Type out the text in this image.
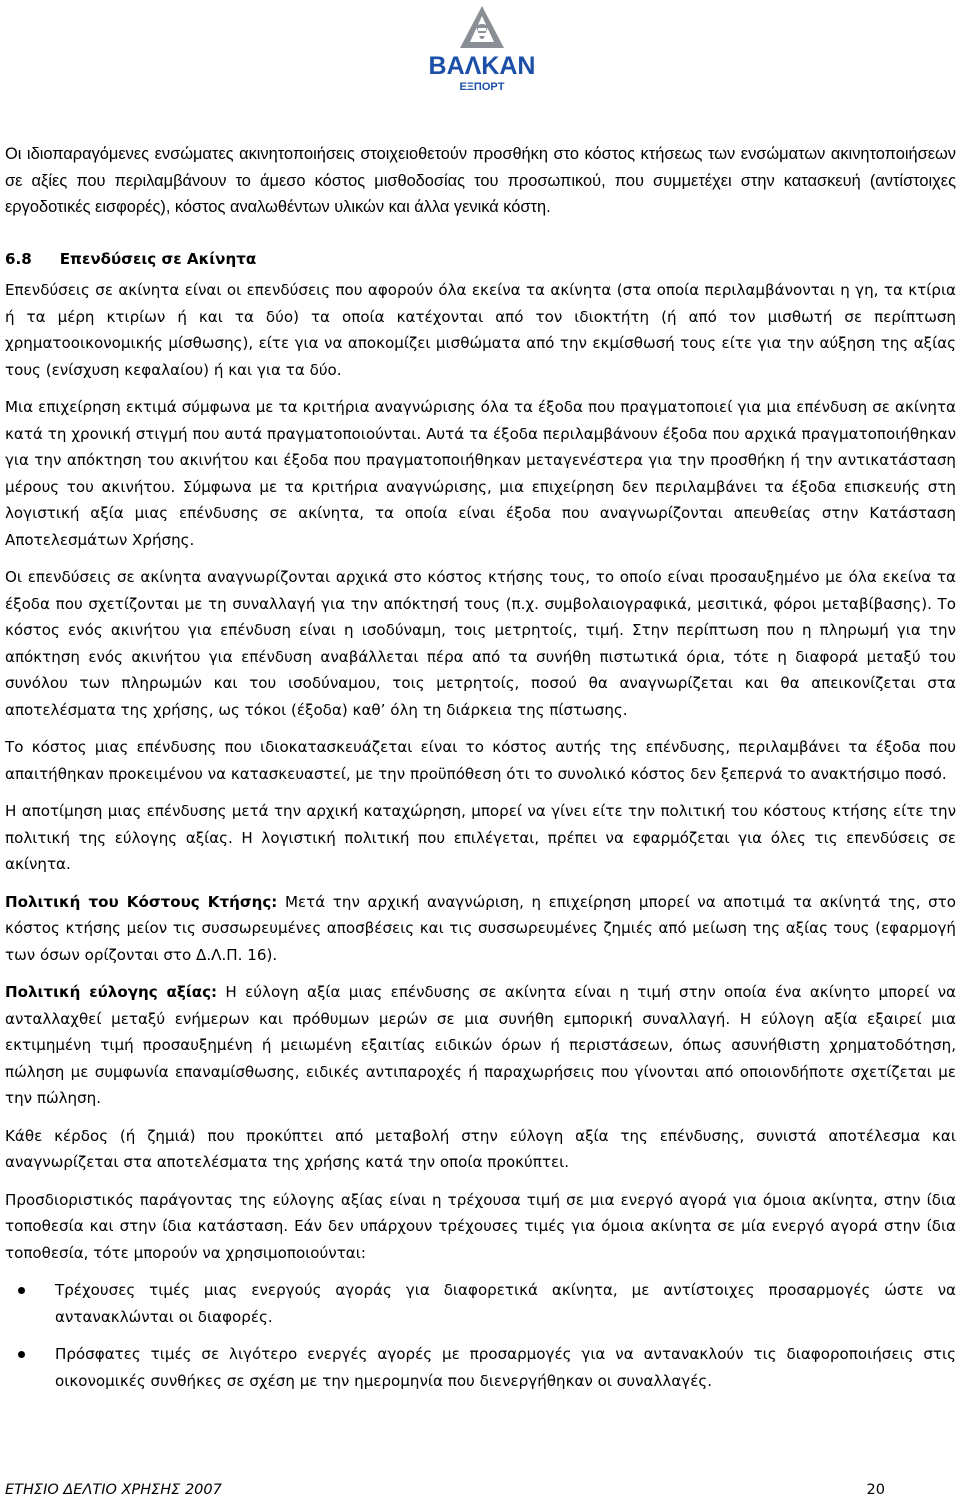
ΒΑΛΚΑΝ
ΕΞΠΟΡΤ

Οι ιδιοπαραγόμενες ενσώματες ακινητοποιήσεις στοιχειοθετούν προσθήκη στο κόστος κτήσεως των ενσώματων ακινητοποιήσεων σε αξίες που περιλαμβάνουν το άμεσο κόστος μισθοδοσίας του προσωπικού, που συμμετέχει στην κατασκευή (αντίστοιχες εργοδοτικές εισφορές), κόστος αναλωθέντων υλικών και άλλα γενικά κόστη.

6.8 Επενδύσεις σε Ακίνητα

Επενδύσεις σε ακίνητα είναι οι επενδύσεις που αφορούν όλα εκείνα τα ακίνητα (στα οποία περιλαμβάνονται η γη, τα κτίρια ή τα μέρη κτιρίων ή και τα δύο) τα οποία κατέχονται από τον ιδιοκτήτη (ή από τον μισθωτή σε περίπτωση χρηματοοικονομικής μίσθωσης), είτε για να αποκομίζει μισθώματα από την εκμίσθωσή τους είτε για την αύξηση της αξίας τους (ενίσχυση κεφαλαίου) ή και για τα δύο.

Μια επιχείρηση εκτιμά σύμφωνα με τα κριτήρια αναγνώρισης όλα τα έξοδα που πραγματοποιεί για μια επένδυση σε ακίνητα κατά τη χρονική στιγμή που αυτά πραγματοποιούνται. Αυτά τα έξοδα περιλαμβάνουν έξοδα που αρχικά πραγματοποιήθηκαν για την απόκτηση του ακινήτου και έξοδα που πραγματοποιήθηκαν μεταγενέστερα για την προσθήκη ή την αντικατάσταση μέρους του ακινήτου. Σύμφωνα με τα κριτήρια αναγνώρισης, μια επιχείρηση δεν περιλαμβάνει τα έξοδα επισκευής στη λογιστική αξία μιας επένδυσης σε ακίνητα, τα οποία είναι έξοδα που αναγνωρίζονται απευθείας στην Κατάσταση Αποτελεσμάτων Χρήσης.

Οι επενδύσεις σε ακίνητα αναγνωρίζονται αρχικά στο κόστος κτήσης τους, το οποίο είναι προσαυξημένο με όλα εκείνα τα έξοδα που σχετίζονται με τη συναλλαγή για την απόκτησή τους (π.χ. συμβολαιογραφικά, μεσιτικά, φόροι μεταβίβασης). Το κόστος ενός ακινήτου για επένδυση είναι η ισοδύναμη, τοις μετρητοίς, τιμή. Στην περίπτωση που η πληρωμή για την απόκτηση ενός ακινήτου για επένδυση αναβάλλεται πέρα από τα συνήθη πιστωτικά όρια, τότε η διαφορά μεταξύ του συνόλου των πληρωμών και του ισοδύναμου, τοις μετρητοίς, ποσού θα αναγνωρίζεται και θα απεικονίζεται στα αποτελέσματα της χρήσης, ως τόκοι (έξοδα) καθ’ όλη τη διάρκεια της πίστωσης.

Το κόστος μιας επένδυσης που ιδιοκατασκευάζεται είναι το κόστος αυτής της επένδυσης, περιλαμβάνει τα έξοδα που απαιτήθηκαν προκειμένου να κατασκευαστεί, με την προϋπόθεση ότι το συνολικό κόστος δεν ξεπερνά το ανακτήσιμο ποσό.

Η αποτίμηση μιας επένδυσης μετά την αρχική καταχώρηση, μπορεί να γίνει είτε την πολιτική του κόστους κτήσης είτε την πολιτική της εύλογης αξίας. Η λογιστική πολιτική που επιλέγεται, πρέπει να εφαρμόζεται για όλες τις επενδύσεις σε ακίνητα.

Πολιτική του Κόστους Κτήσης: Μετά την αρχική αναγνώριση, η επιχείρηση μπορεί να αποτιμά τα ακίνητά της, στο κόστος κτήσης μείον τις συσσωρευμένες αποσβέσεις και τις συσσωρευμένες ζημιές από μείωση της αξίας τους (εφαρμογή των όσων ορίζονται στο Δ.Λ.Π. 16).

Πολιτική εύλογης αξίας: Η εύλογη αξία μιας επένδυσης σε ακίνητα είναι η τιμή στην οποία ένα ακίνητο μπορεί να ανταλλαχθεί μεταξύ ενήμερων και πρόθυμων μερών σε μια συνήθη εμπορική συναλλαγή. Η εύλογη αξία εξαιρεί μια εκτιμημένη τιμή προσαυξημένη ή μειωμένη εξαιτίας ειδικών όρων ή περιστάσεων, όπως ασυνήθιστη χρηματοδότηση, πώληση με συμφωνία επαναμίσθωσης, ειδικές αντιπαροχές ή παραχωρήσεις που γίνονται από οποιονδήποτε σχετίζεται με την πώληση.

Κάθε κέρδος (ή ζημιά) που προκύπτει από μεταβολή στην εύλογη αξία της επένδυσης, συνιστά αποτέλεσμα και αναγνωρίζεται στα αποτελέσματα της χρήσης κατά την οποία προκύπτει.

Προσδιοριστικός παράγοντας της εύλογης αξίας είναι η τρέχουσα τιμή σε μια ενεργό αγορά για όμοια ακίνητα, στην ίδια τοποθεσία και στην ίδια κατάσταση. Εάν δεν υπάρχουν τρέχουσες τιμές για όμοια ακίνητα σε μία ενεργό αγορά στην ίδια τοποθεσία, τότε μπορούν να χρησιμοποιούνται:

Τρέχουσες τιμές μιας ενεργούς αγοράς για διαφορετικά ακίνητα, με αντίστοιχες προσαρμογές ώστε να αντανακλώνται οι διαφορές.
Πρόσφατες τιμές σε λιγότερο ενεργές αγορές με προσαρμογές για να αντανακλούν τις διαφοροποιήσεις στις οικονομικές συνθήκες σε σχέση με την ημερομηνία που διενεργήθηκαν οι συναλλαγές.
ΕΤΗΣΙΟ ΔΕΛΤΙΟ ΧΡΗΣΗΣ 2007	20
